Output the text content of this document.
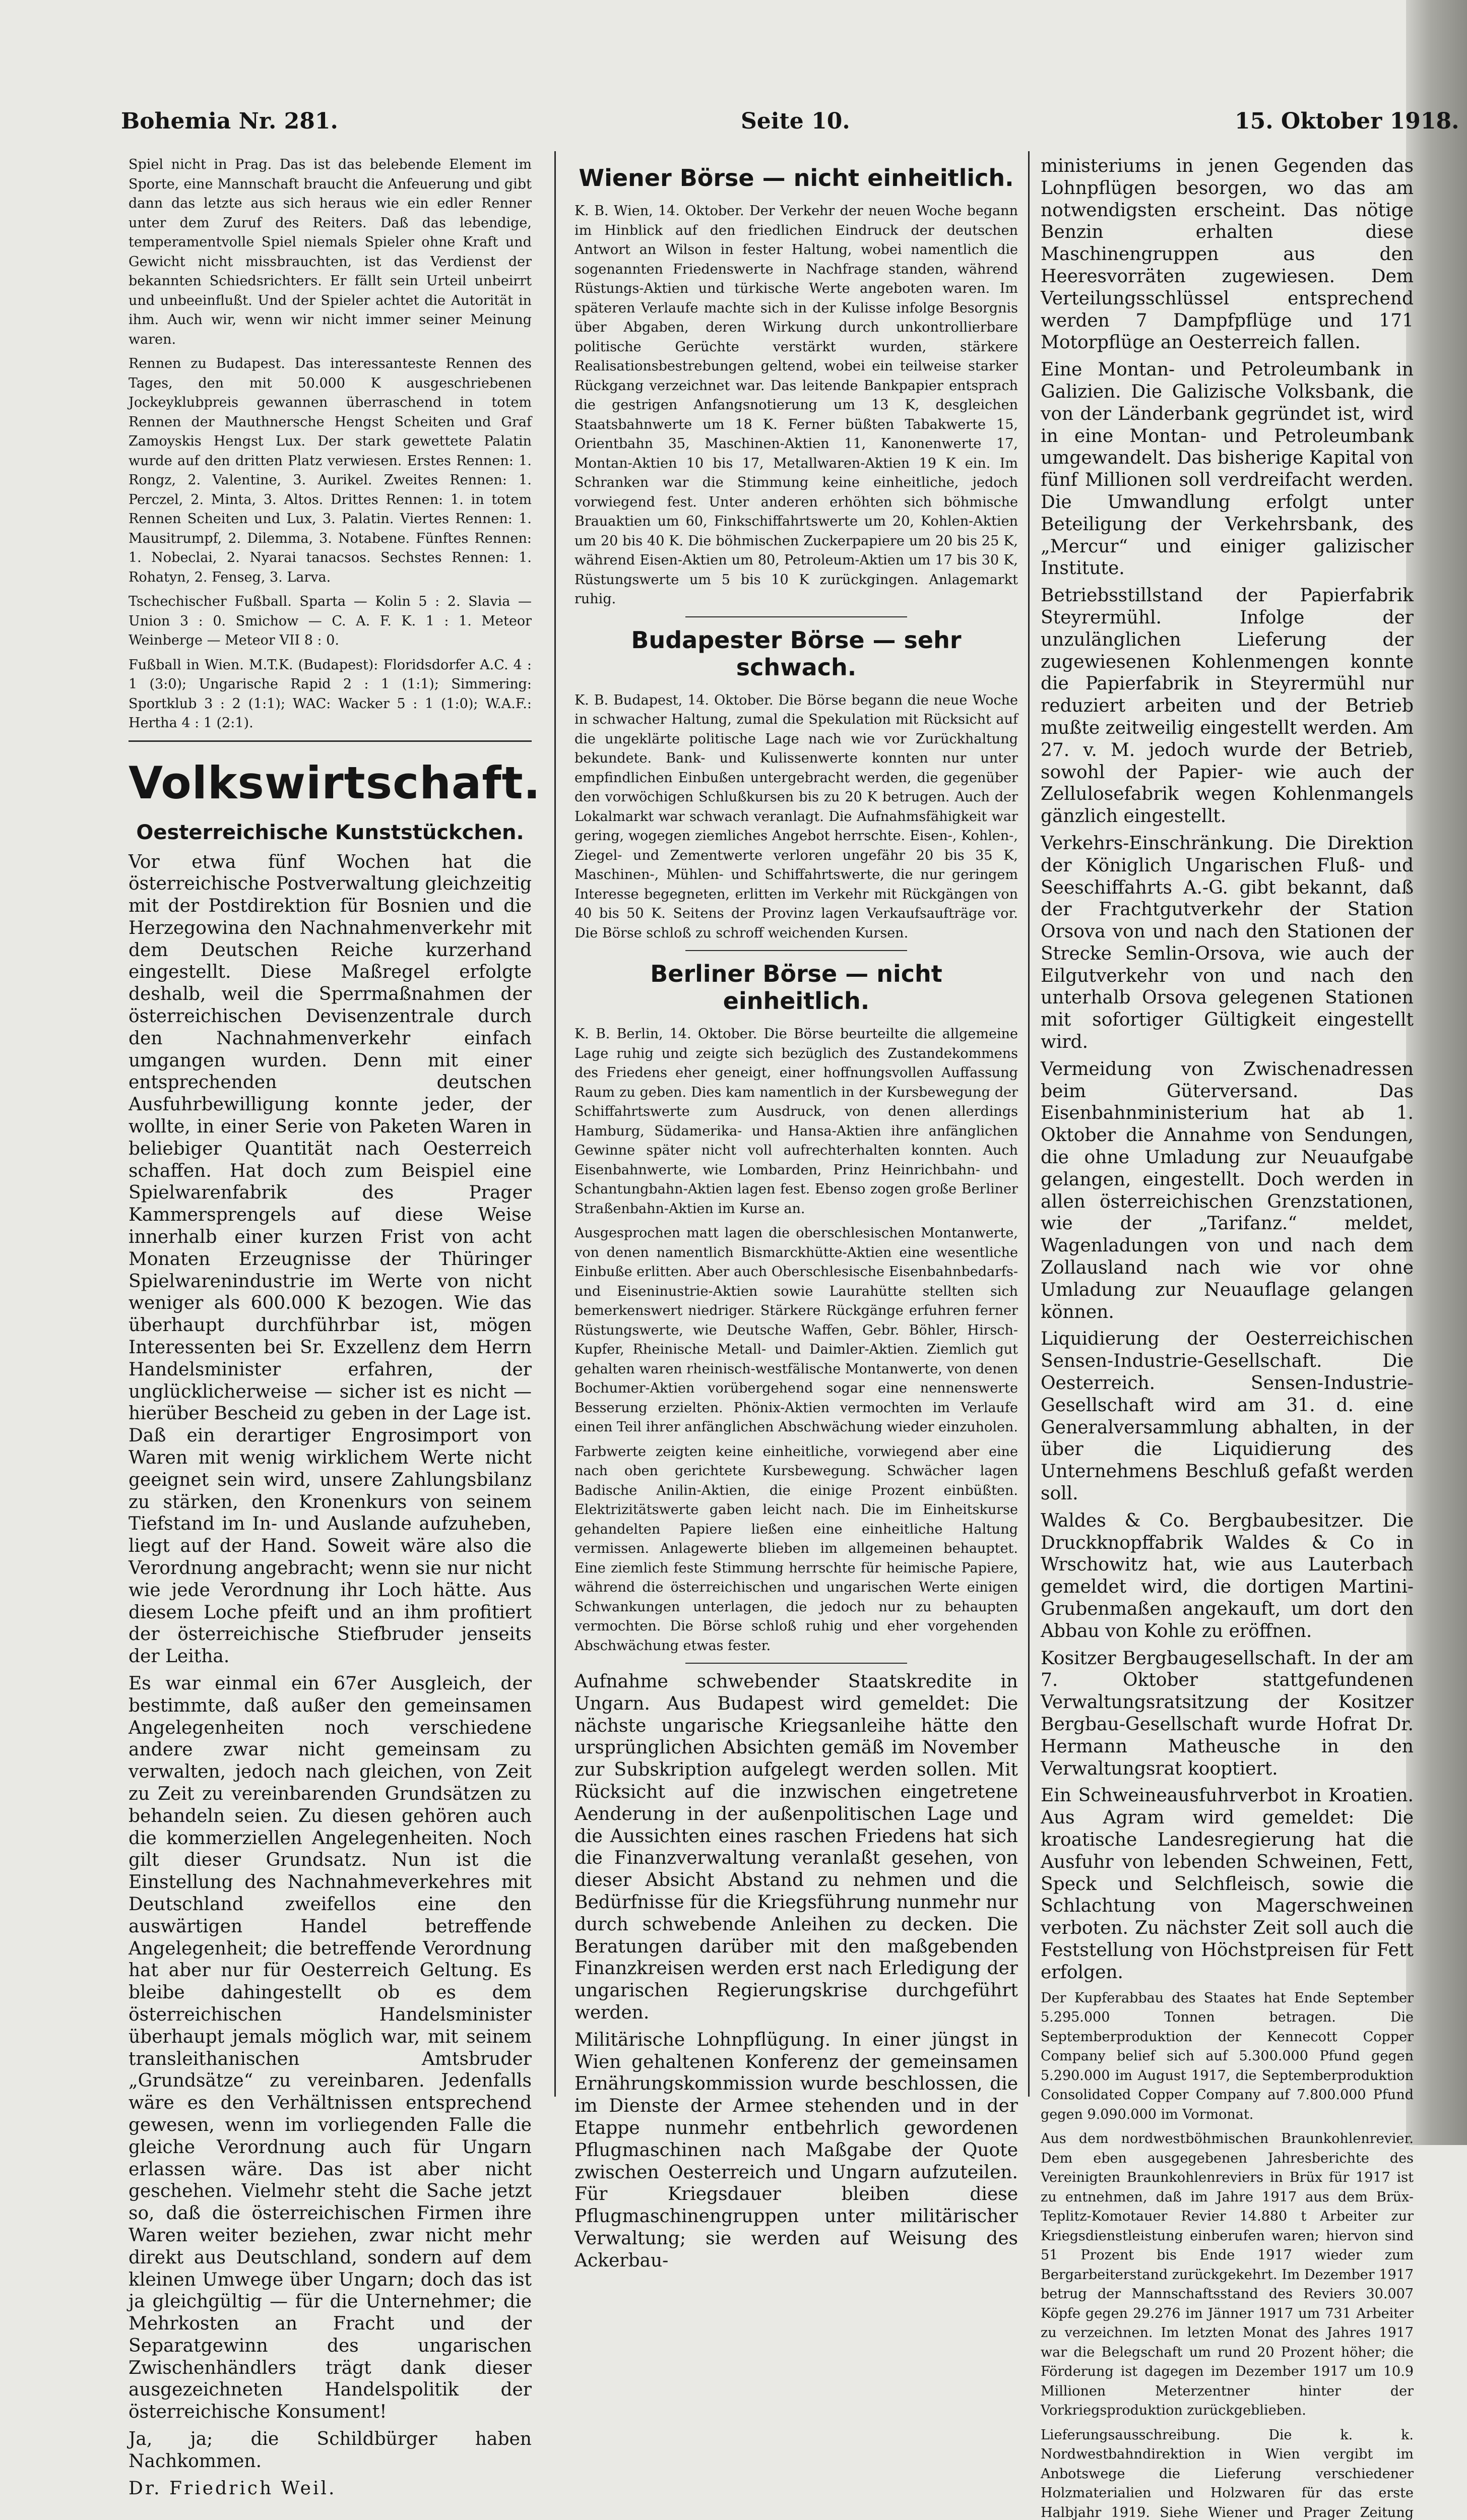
Bohemia Nr. 281.	Seite 10.	15. Oktober 1918.

Spiel nicht in Prag. Das ist das belebende Element im Sporte, eine Mannschaft braucht die Anfeuerung und gibt dann das letzte aus sich heraus wie ein edler Renner unter dem Zuruf des Reiters. Daß das lebendige, temperamentvolle Spiel niemals Spieler ohne Kraft und Gewicht nicht missbrauchten, ist das Verdienst der bekannten Schiedsrichters. Er fällt sein Urteil unbeirrt und unbeeinflußt. Und der Spieler achtet die Autorität in ihm. Auch wir, wenn wir nicht immer seiner Meinung waren.

Rennen zu Budapest. Das interessanteste Rennen des Tages, den mit 50.000 K ausgeschriebenen Jockeyklubpreis gewannen überraschend in totem Rennen der Mauthnersche Hengst Scheiten und Graf Zamoyskis Hengst Lux. Der stark gewettete Palatin wurde auf den dritten Platz verwiesen. Erstes Rennen: 1. Rongz, 2. Valentine, 3. Aurikel. Zweites Rennen: 1. Perczel, 2. Minta, 3. Altos. Drittes Rennen: 1. in totem Rennen Scheiten und Lux, 3. Palatin. Viertes Rennen: 1. Mausitrumpf, 2. Dilemma, 3. Notabene. Fünftes Rennen: 1. Nobeclai, 2. Nyarai tanacsos. Sechstes Rennen: 1. Rohatyn, 2. Fenseg, 3. Larva.

Tschechischer Fußball. Sparta — Kolin 5 : 2. Slavia — Union 3 : 0. Smichow — C. A. F. K. 1 : 1. Meteor Weinberge — Meteor VII 8 : 0.

Fußball in Wien. M.T.K. (Budapest): Floridsdorfer A.C. 4 : 1 (3:0); Ungarische Rapid 2 : 1 (1:1); Simmering: Sportklub 3 : 2 (1:1); WAC: Wacker 5 : 1 (1:0); W.A.F.: Hertha 4 : 1 (2:1).

Volkswirtschaft.
Oesterreichische Kunststückchen.

Vor etwa fünf Wochen hat die österreichische Postverwaltung gleichzeitig mit der Postdirektion für Bosnien und die Herzegowina den Nachnahmenverkehr mit dem Deutschen Reiche kurzerhand eingestellt. Diese Maßregel erfolgte deshalb, weil die Sperrmaßnahmen der österreichischen Devisenzentrale durch den Nachnahmenverkehr einfach umgangen wurden. Denn mit einer entsprechenden deutschen Ausfuhrbewilligung konnte jeder, der wollte, in einer Serie von Paketen Waren in beliebiger Quantität nach Oesterreich schaffen. Hat doch zum Beispiel eine Spielwarenfabrik des Prager Kammersprengels auf diese Weise innerhalb einer kurzen Frist von acht Monaten Erzeugnisse der Thüringer Spielwarenindustrie im Werte von nicht weniger als 600.000 K bezogen. Wie das überhaupt durchführbar ist, mögen Interessenten bei Sr. Exzellenz dem Herrn Handelsminister erfahren, der unglücklicherweise — sicher ist es nicht — hierüber Bescheid zu geben in der Lage ist. Daß ein derartiger Engrosimport von Waren mit wenig wirklichem Werte nicht geeignet sein wird, unsere Zahlungsbilanz zu stärken, den Kronenkurs von seinem Tiefstand im In- und Auslande aufzuheben, liegt auf der Hand. Soweit wäre also die Verordnung angebracht; wenn sie nur nicht wie jede Verordnung ihr Loch hätte. Aus diesem Loche pfeift und an ihm profitiert der österreichische Stiefbruder jenseits der Leitha.

Es war einmal ein 67er Ausgleich, der bestimmte, daß außer den gemeinsamen Angelegenheiten noch verschiedene andere zwar nicht gemeinsam zu verwalten, jedoch nach gleichen, von Zeit zu Zeit zu vereinbarenden Grundsätzen zu behandeln seien. Zu diesen gehören auch die kommerziellen Angelegenheiten. Noch gilt dieser Grundsatz. Nun ist die Einstellung des Nachnahmeverkehres mit Deutschland zweifellos eine den auswärtigen Handel betreffende Angelegenheit; die betreffende Verordnung hat aber nur für Oesterreich Geltung. Es bleibe dahingestellt ob es dem österreichischen Handelsminister überhaupt jemals möglich war, mit seinem transleithanischen Amtsbruder „Grundsätze“ zu vereinbaren. Jedenfalls wäre es den Verhältnissen entsprechend gewesen, wenn im vorliegenden Falle die gleiche Verordnung auch für Ungarn erlassen wäre. Das ist aber nicht geschehen. Vielmehr steht die Sache jetzt so, daß die österreichischen Firmen ihre Waren weiter beziehen, zwar nicht mehr direkt aus Deutschland, sondern auf dem kleinen Umwege über Ungarn; doch das ist ja gleichgültig — für die Unternehmer; die Mehrkosten an Fracht und der Separatgewinn des ungarischen Zwischenhändlers trägt dank dieser ausgezeichneten Handelspolitik der österreichische Konsument!

Ja, ja; die Schildbürger haben Nachkommen.

Dr. Friedrich Weil.

Wiener Börse — nicht einheitlich.

K. B. Wien, 14. Oktober. Der Verkehr der neuen Woche begann im Hinblick auf den friedlichen Eindruck der deutschen Antwort an Wilson in fester Haltung, wobei namentlich die sogenannten Friedenswerte in Nachfrage standen, während Rüstungs-Aktien und türkische Werte angeboten waren. Im späteren Verlaufe machte sich in der Kulisse infolge Besorgnis über Abgaben, deren Wirkung durch unkontrollierbare politische Gerüchte verstärkt wurden, stärkere Realisationsbestrebungen geltend, wobei ein teilweise starker Rückgang verzeichnet war. Das leitende Bankpapier entsprach die gestrigen Anfangsnotierung um 13 K, desgleichen Staatsbahnwerte um 18 K. Ferner büßten Tabakwerte 15, Orientbahn 35, Maschinen-Aktien 11, Kanonenwerte 17, Montan-Aktien 10 bis 17, Metallwaren-Aktien 19 K ein. Im Schranken war die Stimmung keine einheitliche, jedoch vorwiegend fest. Unter anderen erhöhten sich böhmische Brauaktien um 60, Finkschiffahrtswerte um 20, Kohlen-Aktien um 20 bis 40 K. Die böhmischen Zuckerpapiere um 20 bis 25 K, während Eisen-Aktien um 80, Petroleum-Aktien um 17 bis 30 K, Rüstungswerte um 5 bis 10 K zurückgingen. Anlagemarkt ruhig.

Budapester Börse — sehr schwach.

K. B. Budapest, 14. Oktober. Die Börse begann die neue Woche in schwacher Haltung, zumal die Spekulation mit Rücksicht auf die ungeklärte politische Lage nach wie vor Zurückhaltung bekundete. Bank- und Kulissenwerte konnten nur unter empfindlichen Einbußen untergebracht werden, die gegenüber den vorwöchigen Schlußkursen bis zu 20 K betrugen. Auch der Lokalmarkt war schwach veranlagt. Die Aufnahmsfähigkeit war gering, wogegen ziemliches Angebot herrschte. Eisen-, Kohlen-, Ziegel- und Zementwerte verloren ungefähr 20 bis 35 K, Maschinen-, Mühlen- und Schiffahrtswerte, die nur geringem Interesse begegneten, erlitten im Verkehr mit Rückgängen von 40 bis 50 K. Seitens der Provinz lagen Verkaufsaufträge vor. Die Börse schloß zu schroff weichenden Kursen.

Berliner Börse — nicht einheitlich.

K. B. Berlin, 14. Oktober. Die Börse beurteilte die allgemeine Lage ruhig und zeigte sich bezüglich des Zustandekommens des Friedens eher geneigt, einer hoffnungsvollen Auffassung Raum zu geben. Dies kam namentlich in der Kursbewegung der Schiffahrtswerte zum Ausdruck, von denen allerdings Hamburg, Südamerika- und Hansa-Aktien ihre anfänglichen Gewinne später nicht voll aufrechterhalten konnten. Auch Eisenbahnwerte, wie Lombarden, Prinz Heinrichbahn- und Schantungbahn-Aktien lagen fest. Ebenso zogen große Berliner Straßenbahn-Aktien im Kurse an.

Ausgesprochen matt lagen die oberschlesischen Montanwerte, von denen namentlich Bismarckhütte-Aktien eine wesentliche Einbuße erlitten. Aber auch Oberschlesische Eisenbahnbedarfs- und Eiseninustrie-Aktien sowie Laurahütte stellten sich bemerkenswert niedriger. Stärkere Rückgänge erfuhren ferner Rüstungswerte, wie Deutsche Waffen, Gebr. Böhler, Hirsch-Kupfer, Rheinische Metall- und Daimler-Aktien. Ziemlich gut gehalten waren rheinisch-westfälische Montanwerte, von denen Bochumer-Aktien vorübergehend sogar eine nennenswerte Besserung erzielten. Phönix-Aktien vermochten im Verlaufe einen Teil ihrer anfänglichen Abschwächung wieder einzuholen.

Farbwerte zeigten keine einheitliche, vorwiegend aber eine nach oben gerichtete Kursbewegung. Schwächer lagen Badische Anilin-Aktien, die einige Prozent einbüßten. Elektrizitätswerte gaben leicht nach. Die im Einheitskurse gehandelten Papiere ließen eine einheitliche Haltung vermissen. Anlagewerte blieben im allgemeinen behauptet. Eine ziemlich feste Stimmung herrschte für heimische Papiere, während die österreichischen und ungarischen Werte einigen Schwankungen unterlagen, die jedoch nur zu behaupten vermochten. Die Börse schloß ruhig und eher vorgehenden Abschwächung etwas fester.

Aufnahme schwebender Staatskredite in Ungarn. Aus Budapest wird gemeldet: Die nächste ungarische Kriegsanleihe hätte den ursprünglichen Absichten gemäß im November zur Subskription aufgelegt werden sollen. Mit Rücksicht auf die inzwischen eingetretene Aenderung in der außenpolitischen Lage und die Aussichten eines raschen Friedens hat sich die Finanzverwaltung veranlaßt gesehen, von dieser Absicht Abstand zu nehmen und die Bedürfnisse für die Kriegsführung nunmehr nur durch schwebende Anleihen zu decken. Die Beratungen darüber mit den maßgebenden Finanzkreisen werden erst nach Erledigung der ungarischen Regierungskrise durchgeführt werden.

Militärische Lohnpflügung. In einer jüngst in Wien gehaltenen Konferenz der gemeinsamen Ernährungskommission wurde beschlossen, die im Dienste der Armee stehenden und in der Etappe nunmehr entbehrlich gewordenen Pflugmaschinen nach Maßgabe der Quote zwischen Oesterreich und Ungarn aufzuteilen. Für Kriegsdauer bleiben diese Pflugmaschinengruppen unter militärischer Verwaltung; sie werden auf Weisung des Ackerbau-

ministeriums in jenen Gegenden das Lohnpflügen besorgen, wo das am notwendigsten erscheint. Das nötige Benzin erhalten diese Maschinengruppen aus den Heeresvorräten zugewiesen. Dem Verteilungsschlüssel entsprechend werden 7 Dampfpflüge und 171 Motorpflüge an Oesterreich fallen.

Eine Montan- und Petroleumbank in Galizien. Die Galizische Volksbank, die von der Länderbank gegründet ist, wird in eine Montan- und Petroleumbank umgewandelt. Das bisherige Kapital von fünf Millionen soll verdreifacht werden. Die Umwandlung erfolgt unter Beteiligung der Verkehrsbank, des „Mercur“ und einiger galizischer Institute.

Betriebsstillstand der Papierfabrik Steyrermühl. Infolge der unzulänglichen Lieferung der zugewiesenen Kohlenmengen konnte die Papierfabrik in Steyrermühl nur reduziert arbeiten und der Betrieb mußte zeitweilig eingestellt werden. Am 27. v. M. jedoch wurde der Betrieb, sowohl der Papier- wie auch der Zellulosefabrik wegen Kohlenmangels gänzlich eingestellt.

Verkehrs-Einschränkung. Die Direktion der Königlich Ungarischen Fluß- und Seeschiffahrts A.-G. gibt bekannt, daß der Frachtgutverkehr der Station Orsova von und nach den Stationen der Strecke Semlin-Orsova, wie auch der Eilgutverkehr von und nach den unterhalb Orsova gelegenen Stationen mit sofortiger Gültigkeit eingestellt wird.

Vermeidung von Zwischenadressen beim Güterversand. Das Eisenbahnministerium hat ab 1. Oktober die Annahme von Sendungen, die ohne Umladung zur Neuaufgabe gelangen, eingestellt. Doch werden in allen österreichischen Grenzstationen, wie der „Tarifanz.“ meldet, Wagenladungen von und nach dem Zollausland nach wie vor ohne Umladung zur Neuauflage gelangen können.

Liquidierung der Oesterreichischen Sensen-Industrie-Gesellschaft. Die Oesterreich. Sensen-Industrie-Gesellschaft wird am 31. d. eine Generalversammlung abhalten, in der über die Liquidierung des Unternehmens Beschluß gefaßt werden soll.

Waldes & Co. Bergbaubesitzer. Die Druckknopffabrik Waldes & Co in Wrschowitz hat, wie aus Lauterbach gemeldet wird, die dortigen Martini-Grubenmaßen angekauft, um dort den Abbau von Kohle zu eröffnen.

Kositzer Bergbaugesellschaft. In der am 7. Oktober stattgefundenen Verwaltungsratsitzung der Kositzer Bergbau-Gesellschaft wurde Hofrat Dr. Hermann Matheusche in den Verwaltungsrat kooptiert.

Ein Schweineausfuhrverbot in Kroatien. Aus Agram wird gemeldet: Die kroatische Landesregierung hat die Ausfuhr von lebenden Schweinen, Fett, Speck und Selchfleisch, sowie die Schlachtung von Magerschweinen verboten. Zu nächster Zeit soll auch die Feststellung von Höchstpreisen für Fett erfolgen.

Der Kupferabbau des Staates hat Ende September 5.295.000 Tonnen betragen. Die Septemberproduktion der Kennecott Copper Company belief sich auf 5.300.000 Pfund gegen 5.290.000 im August 1917, die Septemberproduktion Consolidated Copper Company auf 7.800.000 Pfund gegen 9.090.000 im Vormonat.

Aus dem nordwestböhmischen Braunkohlenrevier. Dem eben ausgegebenen Jahresberichte des Vereinigten Braunkohlenreviers in Brüx für 1917 ist zu entnehmen, daß im Jahre 1917 aus dem Brüx-Teplitz-Komotauer Revier 14.880 t Arbeiter zur Kriegsdienstleistung einberufen waren; hiervon sind 51 Prozent bis Ende 1917 wieder zum Bergarbeiterstand zurückgekehrt. Im Dezember 1917 betrug der Mannschaftsstand des Reviers 30.007 Köpfe gegen 29.276 im Jänner 1917 um 731 Arbeiter zu verzeichnen. Im letzten Monat des Jahres 1917 war die Belegschaft um rund 20 Prozent höher; die Förderung ist dagegen im Dezember 1917 um 10.9 Millionen Meterzentner hinter der Vorkriegsproduktion zurückgeblieben.

Lieferungsausschreibung. Die k. k. Nordwestbahndirektion in Wien vergibt im Anbotswege die Lieferung verschiedener Holzmaterialien und Holzwaren für das erste Halbjahr 1919. Siehe Wiener und Prager Zeitung
